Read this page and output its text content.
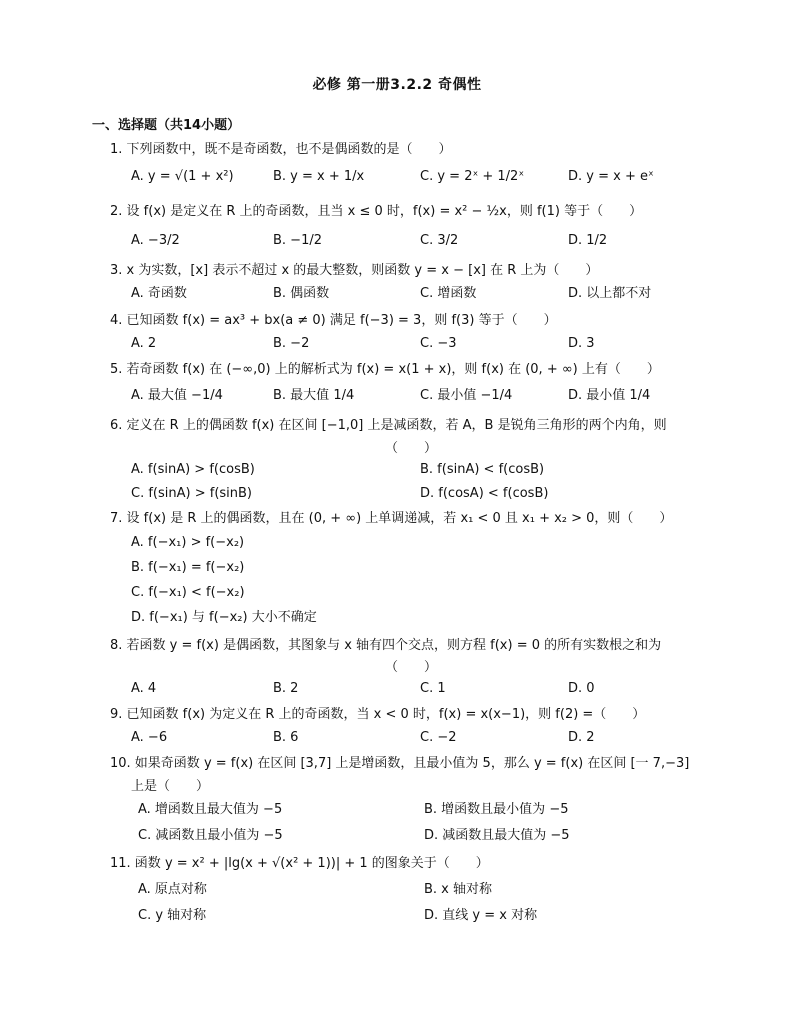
必修 第一册3.2.2 奇偶性
一、选择题（共14小题）
1. 下列函数中，既不是奇函数，也不是偶函数的是（　　）
A. y = √(1 + x²)	B. y = x + 1/x	C. y = 2ˣ + 1/2ˣ	D. y = x + eˣ
2. 设 f(x) 是定义在 R 上的奇函数，且当 x ≤ 0 时，f(x) = x² − ½x，则 f(1) 等于（　　）
A. −3/2	B. −1/2	C. 3/2	D. 1/2
3. x 为实数，[x] 表示不超过 x 的最大整数，则函数 y = x − [x] 在 R 上为（　　）
A. 奇函数	B. 偶函数	C. 增函数	D. 以上都不对
4. 已知函数 f(x) = ax³ + bx(a ≠ 0) 满足 f(−3) = 3，则 f(3) 等于（　　）
A. 2	B. −2	C. −3	D. 3
5. 若奇函数 f(x) 在 (−∞,0) 上的解析式为 f(x) = x(1 + x)，则 f(x) 在 (0, + ∞) 上有（　　）
A. 最大值 −1/4	B. 最大值 1/4	C. 最小值 −1/4	D. 最小值 1/4
6. 定义在 R 上的偶函数 f(x) 在区间 [−1,0] 上是减函数，若 A，B 是锐角三角形的两个内角，则
（　　）
A. f(sinA) > f(cosB)	B. f(sinA) < f(cosB)
C. f(sinA) > f(sinB)	D. f(cosA) < f(cosB)
7. 设 f(x) 是 R 上的偶函数，且在 (0, + ∞) 上单调递减，若 x₁ < 0 且 x₁ + x₂ > 0，则（　　）
A. f(−x₁) > f(−x₂)
B. f(−x₁) = f(−x₂)
C. f(−x₁) < f(−x₂)
D. f(−x₁) 与 f(−x₂) 大小不确定
8. 若函数 y = f(x) 是偶函数，其图象与 x 轴有四个交点，则方程 f(x) = 0 的所有实数根之和为
（　　）
A. 4	B. 2	C. 1	D. 0
9. 已知函数 f(x) 为定义在 R 上的奇函数，当 x < 0 时，f(x) = x(x−1)，则 f(2) =（　　）
A. −6	B. 6	C. −2	D. 2
10. 如果奇函数 y = f(x) 在区间 [3,7] 上是增函数，且最小值为 5，那么 y = f(x) 在区间 [一 7,−3]
上是（　　）
A. 增函数且最大值为 −5	B. 增函数且最小值为 −5
C. 减函数且最小值为 −5	D. 减函数且最大值为 −5
11. 函数 y = x² + |lg(x + √(x² + 1))| + 1 的图象关于（　　）
A. 原点对称	B. x 轴对称
C. y 轴对称	D. 直线 y = x 对称
